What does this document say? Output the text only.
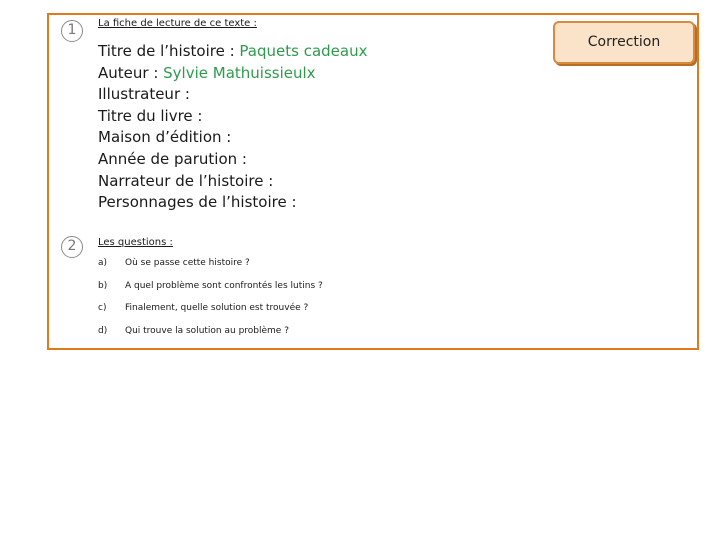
1	La fiche de lecture de ce texte :
Titre de l’histoire : Paquets cadeaux
Auteur : Sylvie Mathuissieulx
Illustrateur :
Titre du livre :
Maison d’édition :
Année de parution :
Narrateur de l’histoire :
Personnages de l’histoire :
2	Les questions :
a) Où se passe cette histoire ?
b) A quel problème sont confrontés les lutins ?
c) Finalement, quelle solution est trouvée ?
d) Qui trouve la solution au problème ?
Correction
